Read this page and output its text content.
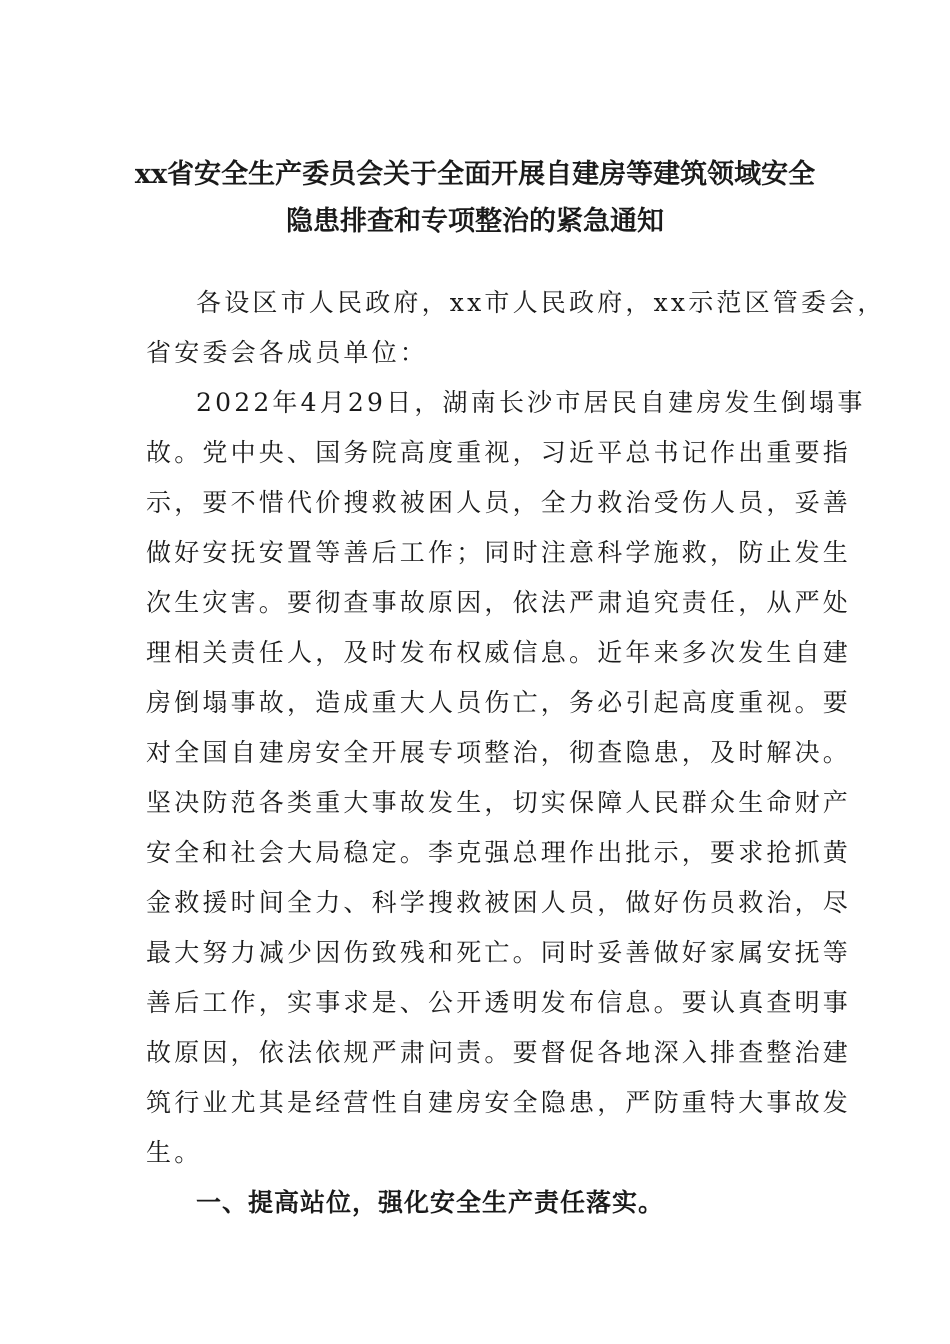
xx省安全生产委员会关于全面开展自建房等建筑领域安全
隐患排查和专项整治的紧急通知
各设区市人民政府，xx市人民政府，xx示范区管委会，
省安委会各成员单位：
2022年4月29日，湖南长沙市居民自建房发生倒塌事
故。党中央、国务院高度重视，习近平总书记作出重要指
示，要不惜代价搜救被困人员，全力救治受伤人员，妥善
做好安抚安置等善后工作；同时注意科学施救，防止发生
次生灾害。要彻查事故原因，依法严肃追究责任，从严处
理相关责任人，及时发布权威信息。近年来多次发生自建
房倒塌事故，造成重大人员伤亡，务必引起高度重视。要
对全国自建房安全开展专项整治，彻查隐患，及时解决。
坚决防范各类重大事故发生，切实保障人民群众生命财产
安全和社会大局稳定。李克强总理作出批示，要求抢抓黄
金救援时间全力、科学搜救被困人员，做好伤员救治，尽
最大努力减少因伤致残和死亡。同时妥善做好家属安抚等
善后工作，实事求是、公开透明发布信息。要认真查明事
故原因，依法依规严肃问责。要督促各地深入排查整治建
筑行业尤其是经营性自建房安全隐患，严防重特大事故发
生。
一、提高站位，强化安全生产责任落实。
